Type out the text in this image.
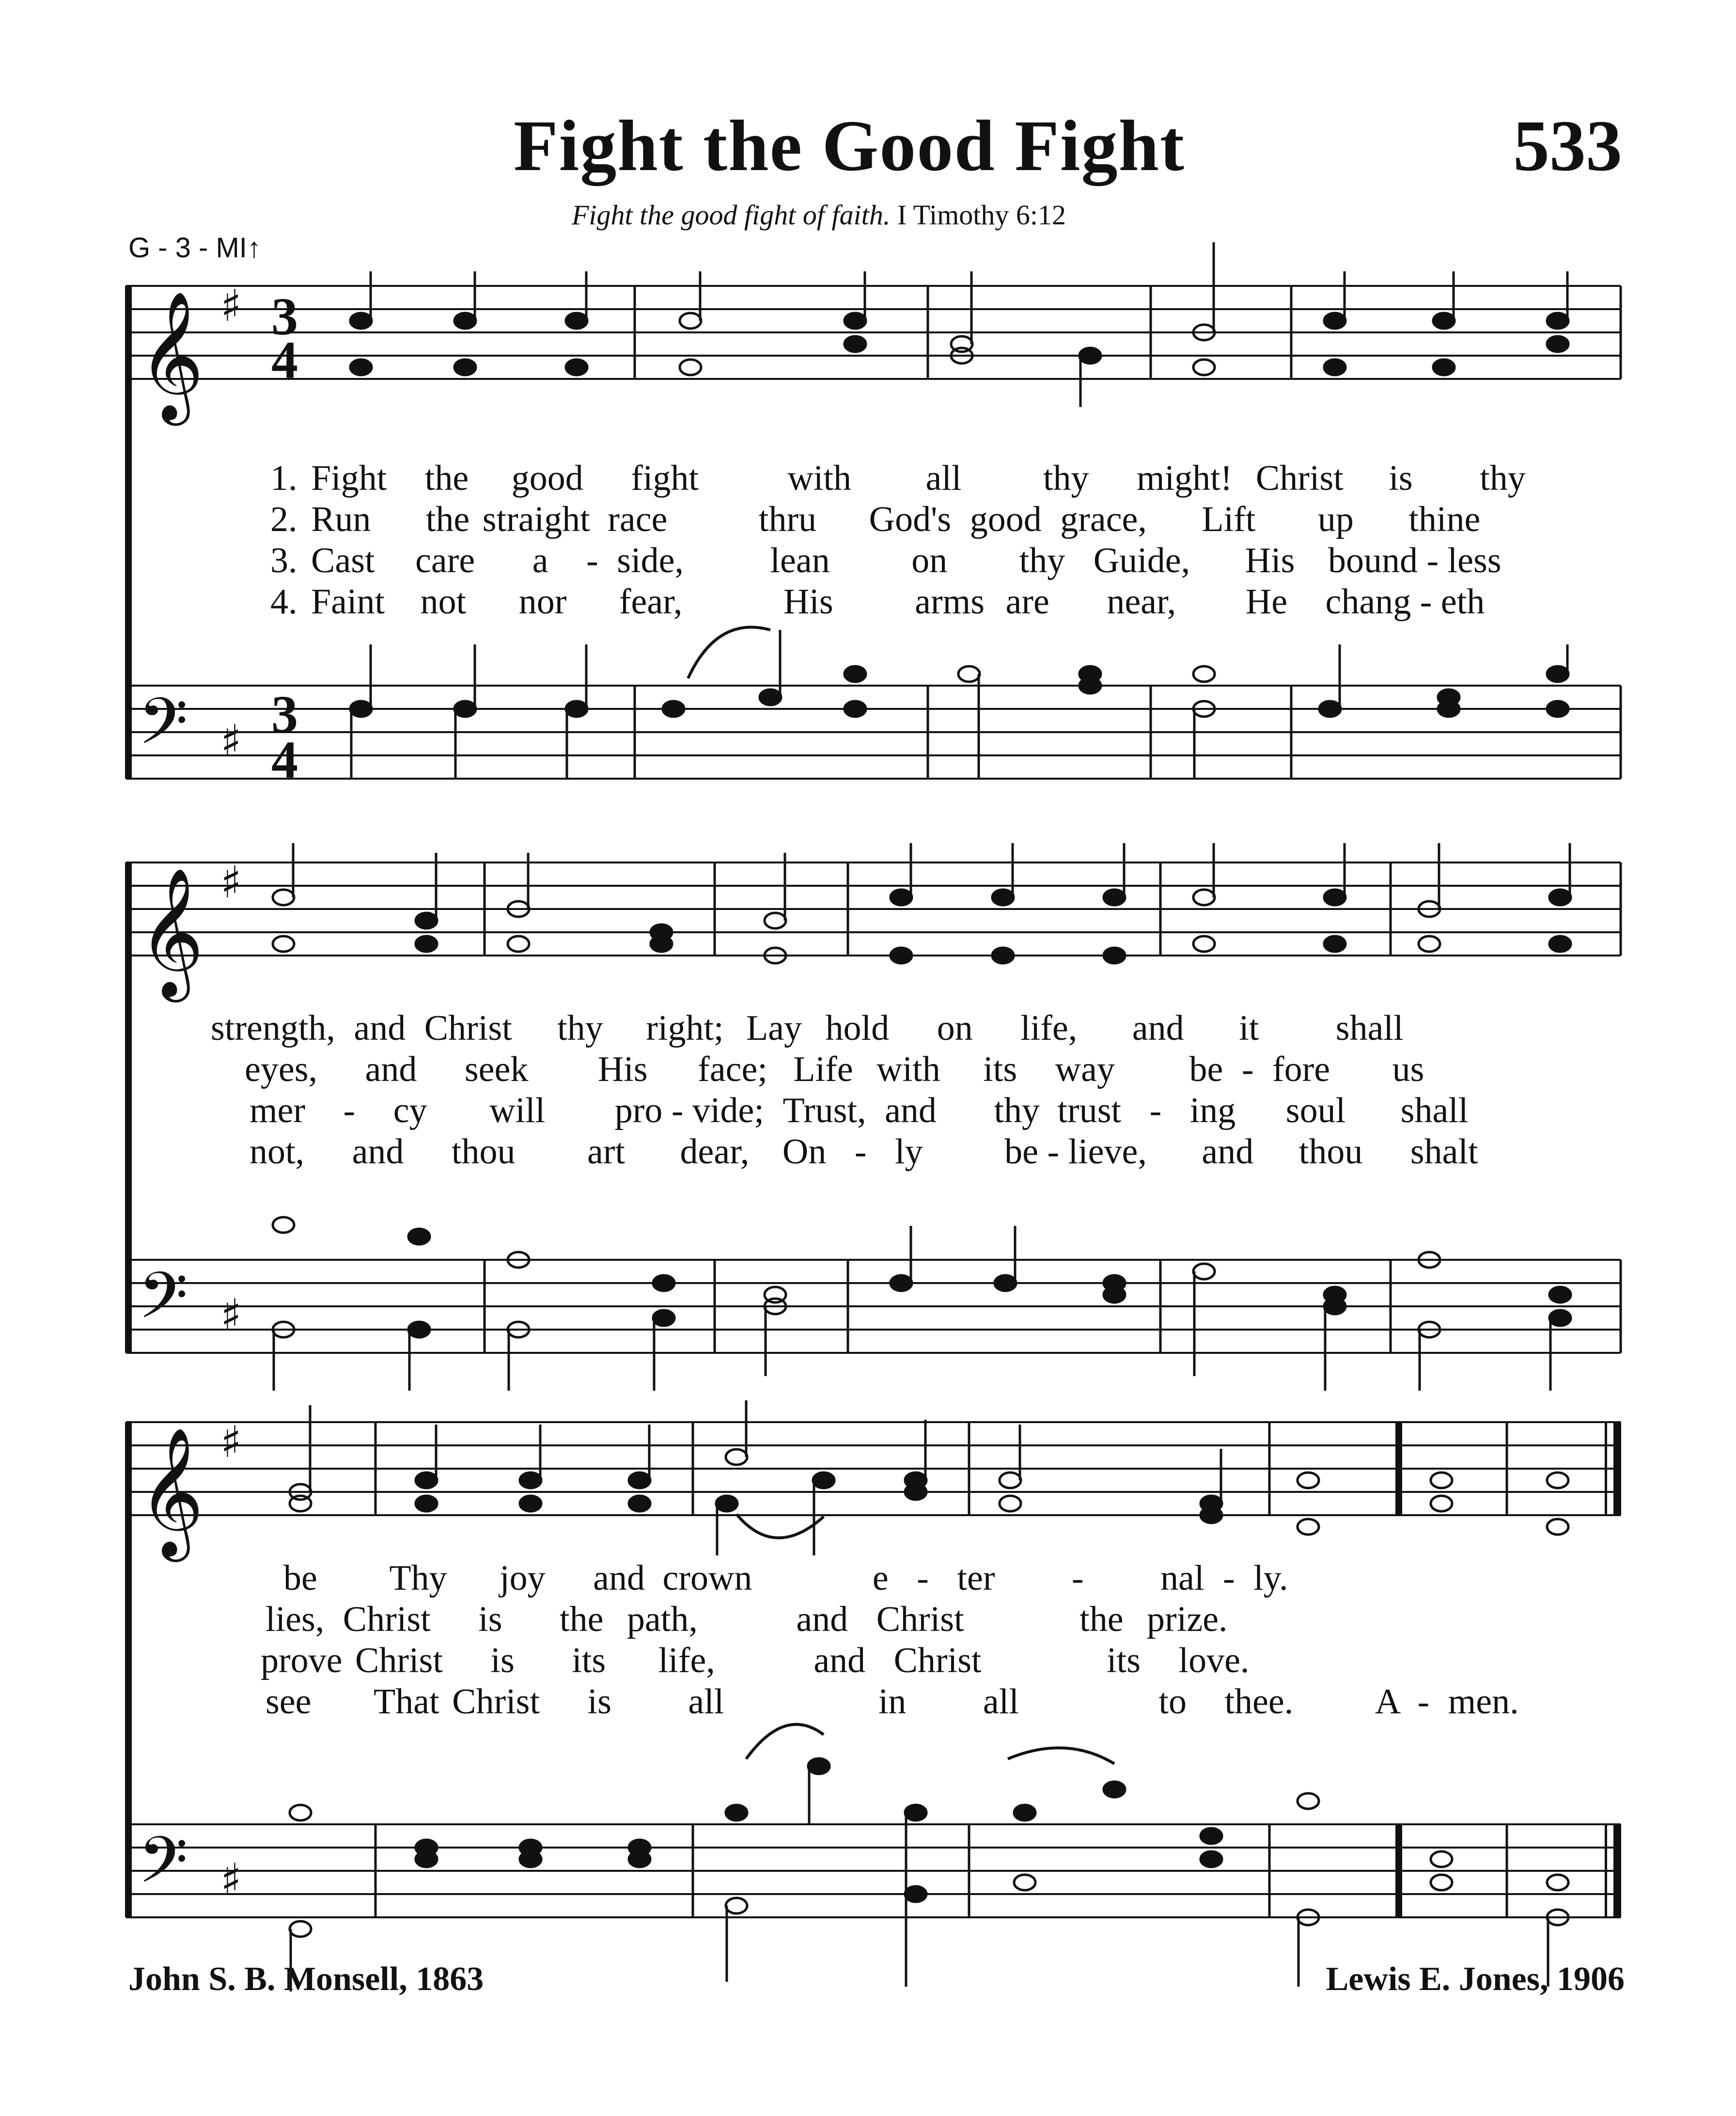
Fight the Good Fight	533
Fight the good fight of faith. I Timothy 6:12
G - 3 - MI↑
𝄞
𝄢
𝄞
𝄢
𝄞
𝄢
♯
♯
♯
♯
♯
♯
3
4
3
4
1. Fight the good fight with all thy might! Christ is thy
2. Run the straight race	thru God's good grace, Lift up thine
3. Cast care a - side, lean on thy Guide, His bound - less
4. Faint not nor fear,	His arms are near, He chang - eth
strength, and Christ thy right; Lay hold on life, and it shall
eyes, and seek His face; Life with its way be - fore us
mer - cy will pro - vide; Trust, and thy trust - ing soul shall
not, and thou art dear, On - ly be - lieve, and thou shalt
be Thy joy and crown	e - ter - nal - ly.
lies, Christ is the path,	and Christ	the prize.
prove Christ is its life,	and Christ	its love.
see That Christ is all	in all	to thee. A - men.
John S. B. Monsell, 1863	Lewis E. Jones, 1906
